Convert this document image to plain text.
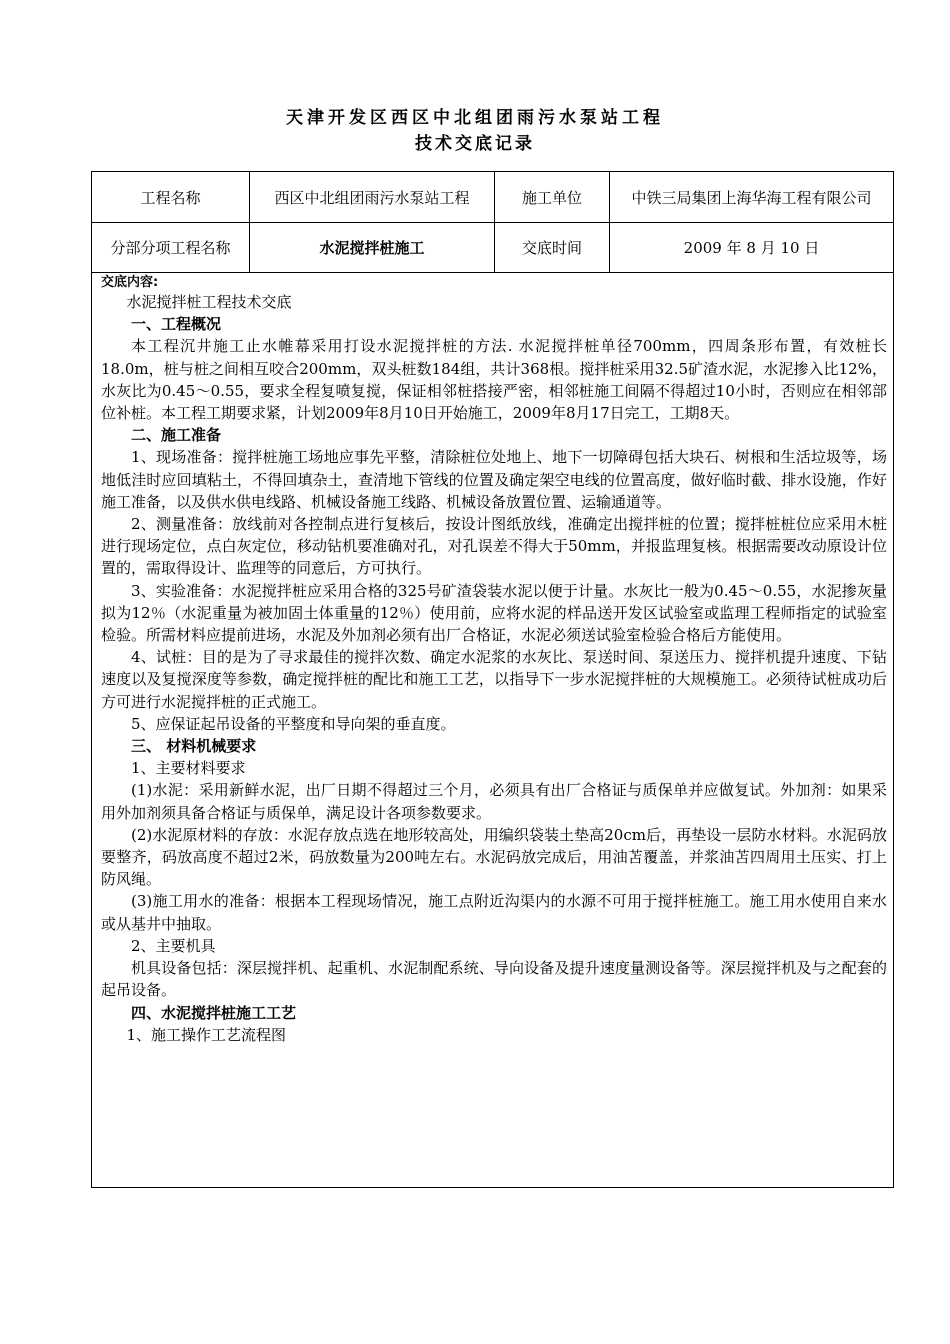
天津开发区西区中北组团雨污水泵站工程
技术交底记录
工程名称	西区中北组团雨污水泵站工程	施工单位	中铁三局集团上海华海工程有限公司
分部分项工程名称	水泥搅拌桩施工	交底时间	2009 年 8 月 10 日
交底内容:
水泥搅拌桩工程技术交底
一、工程概况
本工程沉井施工止水帷幕采用打设水泥搅拌桩的方法. 水泥搅拌桩单径700mm，四周条形布置，有效桩长18.0m，桩与桩之间相互咬合200mm，双头桩数184组，共计368根。搅拌桩采用32.5矿渣水泥，水泥掺入比12%，水灰比为0.45～0.55，要求全程复喷复搅，保证相邻桩搭接严密，相邻桩施工间隔不得超过10小时，否则应在相邻部位补桩。本工程工期要求紧，计划2009年8月10日开始施工，2009年8月17日完工，工期8天。
二、施工准备
1、现场准备：搅拌桩施工场地应事先平整，清除桩位处地上、地下一切障碍包括大块石、树根和生活垃圾等，场地低洼时应回填粘土，不得回填杂土，查清地下管线的位置及确定架空电线的位置高度，做好临时截、排水设施，作好施工准备，以及供水供电线路、机械设备施工线路、机械设备放置位置、运输通道等。
2、测量准备：放线前对各控制点进行复核后，按设计图纸放线，准确定出搅拌桩的位置；搅拌桩桩位应采用木桩进行现场定位，点白灰定位，移动钻机要准确对孔，对孔误差不得大于50mm，并报监理复核。根据需要改动原设计位置的，需取得设计、监理等的同意后，方可执行。
3、实验准备：水泥搅拌桩应采用合格的325号矿渣袋装水泥以便于计量。水灰比一般为0.45～0.55，水泥掺灰量拟为12％（水泥重量为被加固土体重量的12％）使用前，应将水泥的样品送开发区试验室或监理工程师指定的试验室检验。所需材料应提前进场，水泥及外加剂必须有出厂合格证，水泥必须送试验室检验合格后方能使用。
4、试桩：目的是为了寻求最佳的搅拌次数、确定水泥浆的水灰比、泵送时间、泵送压力、搅拌机提升速度、下钻速度以及复搅深度等参数，确定搅拌桩的配比和施工工艺，以指导下一步水泥搅拌桩的大规模施工。必须待试桩成功后方可进行水泥搅拌桩的正式施工。
5、应保证起吊设备的平整度和导向架的垂直度。
三、 材料机械要求
1、主要材料要求
(1)水泥：采用新鲜水泥，出厂日期不得超过三个月，必须具有出厂合格证与质保单并应做复试。外加剂：如果采用外加剂须具备合格证与质保单，满足设计各项参数要求。
(2)水泥原材料的存放：水泥存放点选在地形较高处，用编织袋装土垫高20cm后，再垫设一层防水材料。水泥码放要整齐，码放高度不超过2米，码放数量为200吨左右。水泥码放完成后，用油苫覆盖，并浆油苫四周用土压实、打上防风绳。
(3)施工用水的准备：根据本工程现场情况，施工点附近沟渠内的水源不可用于搅拌桩施工。施工用水使用自来水或从基井中抽取。
2、主要机具
机具设备包括：深层搅拌机、起重机、水泥制配系统、导向设备及提升速度量测设备等。深层搅拌机及与之配套的起吊设备。
四、水泥搅拌桩施工工艺
1、施工操作工艺流程图
